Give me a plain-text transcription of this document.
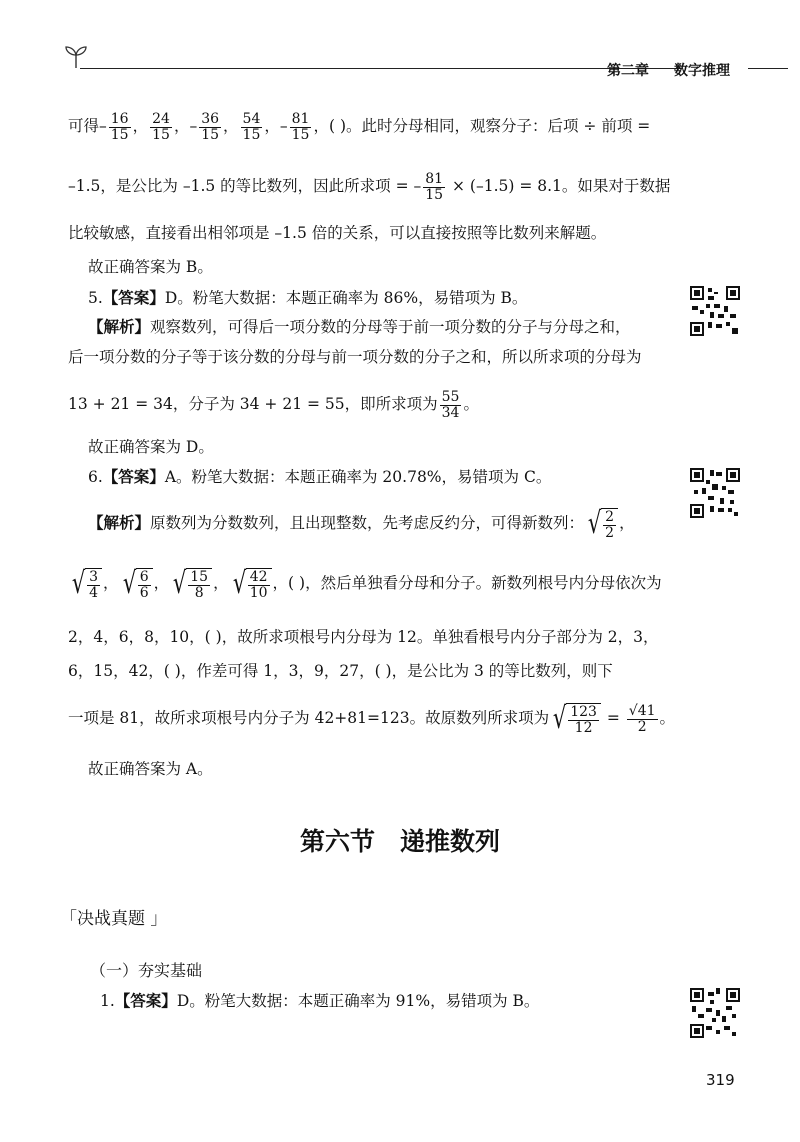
第二章 数字推理
可得– $\frac{16}{15}$ ， $\frac{24}{15}$ ，– $\frac{36}{15}$ ， $\frac{54}{15}$ ，– $\frac{81}{15}$ ，( )。此时分母相同，观察分子：后项 ÷ 前项 =
–1.5，是公比为 –1.5 的等比数列，因此所求项 = – $\frac{81}{15} \times (-1.5) = 8.1$。如果对于数据
比较敏感，直接看出相邻项是 –1.5 倍的关系，可以直接按照等比数列来解题。
故正确答案为 B。
5.【答案】D。粉笔大数据：本题正确率为 86%，易错项为 B。
【解析】观察数列，可得后一项分数的分母等于前一项分数的分子与分母之和，
后一项分数的分子等于该分数的分母与前一项分数的分子之和，所以所求项的分母为
13 + 21 = 34，分子为 34 + 21 = 55，即所求项为 $\frac{55}{34}$ 。
故正确答案为 D。
6.【答案】A。粉笔大数据：本题正确率为 20.78%，易错项为 C。
【解析】原数列为分数数列，且出现整数，先考虑反约分，可得新数列： √ $\frac{2}{2}$ ，
√ $\frac{3}{4}$ ， √ $\frac{6}{6}$ ， √ $\frac{15}{8}$ ， √ $\frac{42}{10}$ ，( )，然后单独看分母和分子。新数列根号内分母依次为
2，4，6，8，10，( )，故所求项根号内分母为 12。单独看根号内分子部分为 2，3，
6，15，42，( )，作差可得 1，3，9，27，( )，是公比为 3 的等比数列，则下
一项是 81，故所求项根号内分子为 42+81=123。故原数列所求项为 √ $\frac{123}{12} = \frac{√41}{2}$ 。
故正确答案为 A。
第六节　递推数列
「决战真题 」
（一）夯实基础
1.【答案】D。粉笔大数据：本题正确率为 91%，易错项为 B。
319
